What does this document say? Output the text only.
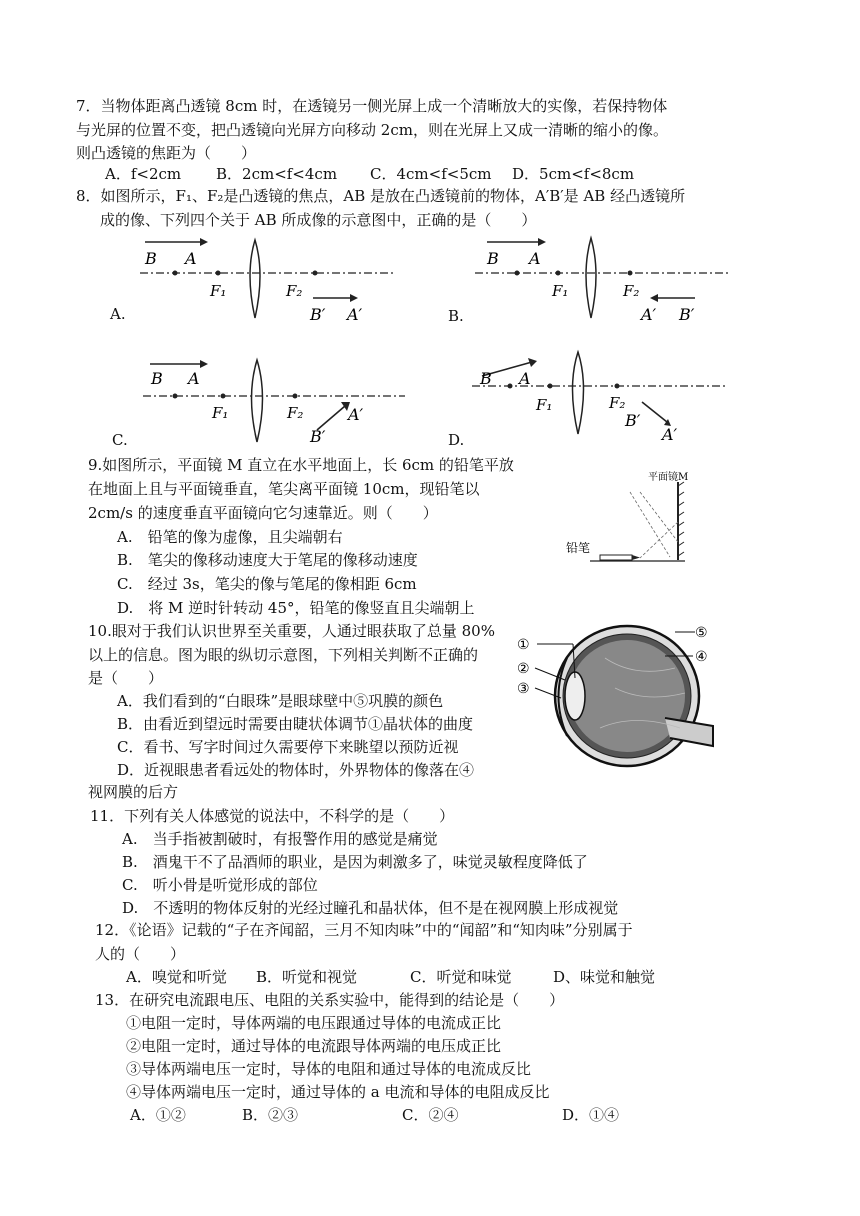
7．当物体距离凸透镜 8cm 时，在透镜另一侧光屏上成一个清晰放大的实像，若保持物体
与光屏的位置不变，把凸透镜向光屏方向移动 2cm，则在光屏上又成一清晰的缩小的像。
则凸透镜的焦距为（　　）
A．f<2cm B．2cm<f<4cm C．4cm<f<5cm D．5cm<f<8cm
8．如图所示，F₁、F₂是凸透镜的焦点，AB 是放在凸透镜前的物体，A′B′是 AB 经凸透镜所
成的像、下列四个关于 AB 所成像的示意图中，正确的是（　　）
B A
F₁	F₂
B′ A′
A.
B A
F₁	F₂
A′ B′
B.
B A
F₁	F₂
B′
A′
C.
B A
F₁	F₂
B′
A′
D.
9.如图所示，平面镜 M 直立在水平地面上，长 6cm 的铅笔平放
在地面上且与平面镜垂直，笔尖离平面镜 10cm，现铅笔以
2cm/s 的速度垂直平面镜向它匀速靠近。则（　　）
A.　铅笔的像为虚像，且尖端朝右
B.　笔尖的像移动速度大于笔尾的像移动速度
C.　经过 3s，笔尖的像与笔尾的像相距 6cm
D.　将 M 逆时针转动 45°，铅笔的像竖直且尖端朝上
平面镜M
铅笔
10.眼对于我们认识世界至关重要，人通过眼获取了总量 80%
以上的信息。图为眼的纵切示意图，下列相关判断不正确的
是（　　）
A．我们看到的“白眼珠”是眼球壁中⑤巩膜的颜色
B．由看近到望远时需要由睫状体调节①晶状体的曲度
C．看书、写字时间过久需要停下来眺望以预防近视
D．近视眼患者看远处的物体时，外界物体的像落在④
视网膜的后方
①
②
③
④
⑤
11．下列有关人体感觉的说法中，不科学的是（　　）
A.　当手指被割破时，有报警作用的感觉是痛觉
B.　酒鬼干不了品酒师的职业，是因为刺激多了，味觉灵敏程度降低了
C.　听小骨是听觉形成的部位
D.　不透明的物体反射的光经过瞳孔和晶状体，但不是在视网膜上形成视觉
12．《论语》记载的“子在齐闻韶，三月不知肉味”中的“闻韶”和“知肉味”分别属于
人的（　　）
A．嗅觉和听觉 B．听觉和视觉	C．听觉和味觉	D、味觉和触觉
13．在研究电流跟电压、电阻的关系实验中，能得到的结论是（　　）
①电阻一定时，导体两端的电压跟通过导体的电流成正比
②电阻一定时，通过导体的电流跟导体两端的电压成正比
③导体两端电压一定时，导体的电阻和通过导体的电流成反比
④导体两端电压一定时，通过导体的 a 电流和导体的电阻成反比
A．①②	B．②③	C．②④	D．①④
